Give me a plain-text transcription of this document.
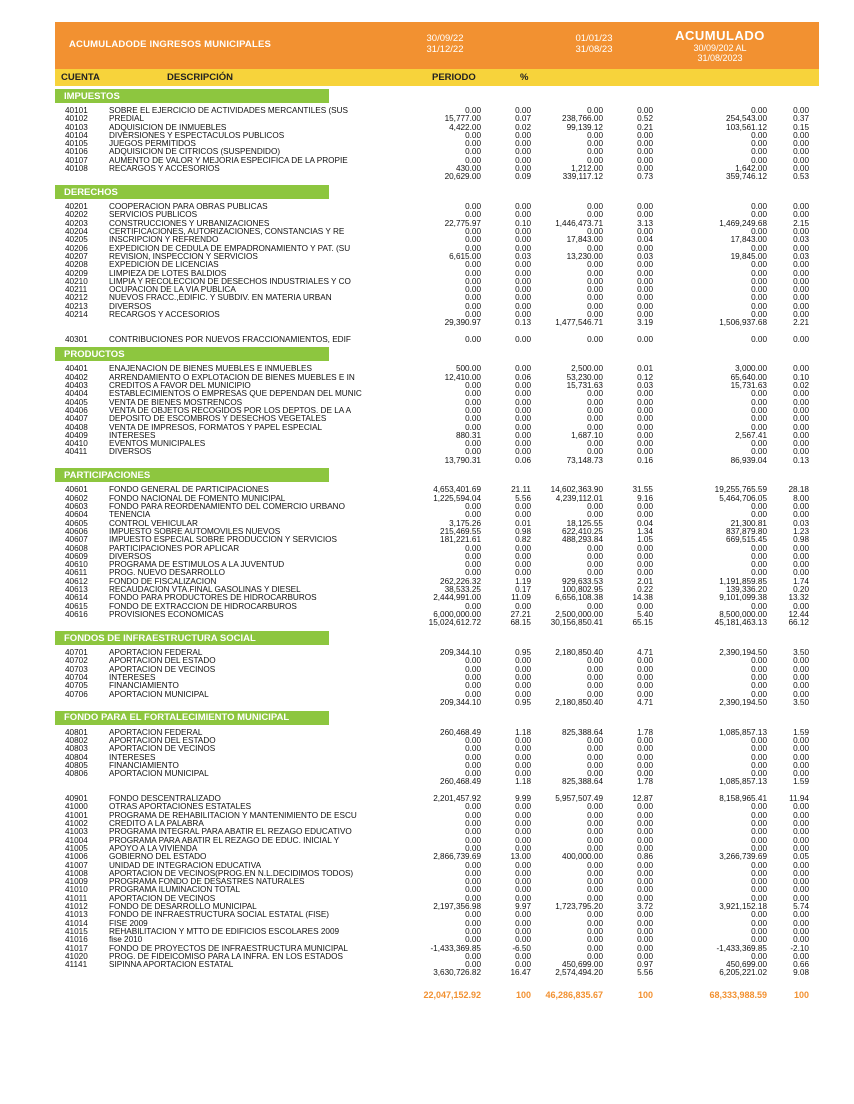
ACUMULADODE INGRESOS MUNICIPALES
30/09/22
31/12/22
01/01/23
31/08/23
ACUMULADO
30/09/202 AL
31/08/2023
CUENTA	DESCRIPCIÓN	PERIODO	%
IMPUESTOS
40101	SOBRE EL EJERCICIO DE ACTIVIDADES MERCANTILES (SUS	0.00	0.00	0.00	0.00	0.00	0.00
40102	PREDIAL	15,777.00	0.07	238,766.00	0.52	254,543.00	0.37
40103	ADQUISICION DE INMUEBLES	4,422.00	0.02	99,139.12	0.21	103,561.12	0.15
40104	DIVERSIONES Y ESPECTACULOS PUBLICOS	0.00	0.00	0.00	0.00	0.00	0.00
40105	JUEGOS PERMITIDOS	0.00	0.00	0.00	0.00	0.00	0.00
40106	ADQUISICION DE CITRICOS (SUSPENDIDO)	0.00	0.00	0.00	0.00	0.00	0.00
40107	AUMENTO DE VALOR Y MEJORIA ESPECIFICA DE LA PROPIE	0.00	0.00	0.00	0.00	0.00	0.00
40108	RECARGOS Y ACCESORIOS	430.00	0.00	1,212.00	0.00	1,642.00	0.00
20,629.00	0.09	339,117.12	0.73	359,746.12	0.53
DERECHOS
40201	COOPERACION PARA OBRAS PUBLICAS	0.00	0.00	0.00	0.00	0.00	0.00
40202	SERVICIOS PUBLICOS	0.00	0.00	0.00	0.00	0.00	0.00
40203	CONSTRUCCIONES Y URBANIZACIONES	22,775.97	0.10	1,446,473.71	3.13	1,469,249.68	2.15
40204	CERTIFICACIONES, AUTORIZACIONES, CONSTANCIAS Y RE	0.00	0.00	0.00	0.00	0.00	0.00
40205	INSCRIPCION Y REFRENDO	0.00	0.00	17,843.00	0.04	17,843.00	0.03
40206	EXPEDICION DE CEDULA DE EMPADRONAMIENTO Y PAT. (SU	0.00	0.00	0.00	0.00	0.00	0.00
40207	REVISION, INSPECCION Y SERVICIOS	6,615.00	0.03	13,230.00	0.03	19,845.00	0.03
40208	EXPEDICION DE LICENCIAS	0.00	0.00	0.00	0.00	0.00	0.00
40209	LIMPIEZA DE LOTES BALDIOS	0.00	0.00	0.00	0.00	0.00	0.00
40210	LIMPIA Y RECOLECCION DE DESECHOS INDUSTRIALES Y CO	0.00	0.00	0.00	0.00	0.00	0.00
40211	OCUPACION DE LA VIA PUBLICA	0.00	0.00	0.00	0.00	0.00	0.00
40212	NUEVOS FRACC.,EDIFIC. Y SUBDIV. EN MATERIA URBAN	0.00	0.00	0.00	0.00	0.00	0.00
40213	DIVERSOS	0.00	0.00	0.00	0.00	0.00	0.00
40214	RECARGOS Y ACCESORIOS	0.00	0.00	0.00	0.00	0.00	0.00
29,390.97	0.13	1,477,546.71	3.19	1,506,937.68	2.21
40301	CONTRIBUCIONES POR NUEVOS FRACCIONAMIENTOS, EDIF	0.00	0.00	0.00	0.00	0.00	0.00
PRODUCTOS
40401	ENAJENACION DE BIENES MUEBLES E INMUEBLES	500.00	0.00	2,500.00	0.01	3,000.00	0.00
40402	ARRENDAMIENTO O EXPLOTACION DE BIENES MUEBLES E IN	12,410.00	0.06	53,230.00	0.12	65,640.00	0.10
40403	CREDITOS A FAVOR DEL MUNICIPIO	0.00	0.00	15,731.63	0.03	15,731.63	0.02
40404	ESTABLECIMIENTOS O EMPRESAS QUE DEPENDAN DEL MUNIC	0.00	0.00	0.00	0.00	0.00	0.00
40405	VENTA DE BIENES MOSTRENCOS	0.00	0.00	0.00	0.00	0.00	0.00
40406	VENTA DE OBJETOS RECOGIDOS POR LOS DEPTOS. DE LA A	0.00	0.00	0.00	0.00	0.00	0.00
40407	DEPOSITO DE ESCOMBROS Y DESECHOS VEGETALES	0.00	0.00	0.00	0.00	0.00	0.00
40408	VENTA DE IMPRESOS, FORMATOS Y PAPEL ESPECIAL	0.00	0.00	0.00	0.00	0.00	0.00
40409	INTERESES	880.31	0.00	1,687.10	0.00	2,567.41	0.00
40410	EVENTOS MUNICIPALES	0.00	0.00	0.00	0.00	0.00	0.00
40411	DIVERSOS	0.00	0.00	0.00	0.00	0.00	0.00
13,790.31	0.06	73,148.73	0.16	86,939.04	0.13
PARTICIPACIONES
40601	FONDO GENERAL DE PARTICIPACIONES	4,653,401.69	21.11	14,602,363.90	31.55	19,255,765.59	28.18
40602	FONDO NACIONAL DE FOMENTO MUNICIPAL	1,225,594.04	5.56	4,239,112.01	9.16	5,464,706.05	8.00
40603	FONDO PARA REORDENAMIENTO DEL COMERCIO URBANO	0.00	0.00	0.00	0.00	0.00	0.00
40604	TENENCIA	0.00	0.00	0.00	0.00	0.00	0.00
40605	CONTROL VEHICULAR	3,175.26	0.01	18,125.55	0.04	21,300.81	0.03
40606	IMPUESTO SOBRE AUTOMOVILES NUEVOS	215,469.55	0.98	622,410.25	1.34	837,879.80	1.23
40607	IMPUESTO ESPECIAL SOBRE PRODUCCION Y SERVICIOS	181,221.61	0.82	488,293.84	1.05	669,515.45	0.98
40608	PARTICIPACIONES POR APLICAR	0.00	0.00	0.00	0.00	0.00	0.00
40609	DIVERSOS	0.00	0.00	0.00	0.00	0.00	0.00
40610	PROGRAMA DE ESTIMULOS A LA JUVENTUD	0.00	0.00	0.00	0.00	0.00	0.00
40611	PROG. NUEVO DESARROLLO	0.00	0.00	0.00	0.00	0.00	0.00
40612	FONDO DE FISCALIZACION	262,226.32	1.19	929,633.53	2.01	1,191,859.85	1.74
40613	RECAUDACION VTA.FINAL GASOLINAS Y DIESEL	38,533.25	0.17	100,802.95	0.22	139,336.20	0.20
40614	FONDO PARA PRODUCTORES DE HIDROCARBUROS	2,444,991.00	11.09	6,656,108.38	14.38	9,101,099.38	13.32
40615	FONDO DE EXTRACCION DE HIDROCARBUROS	0.00	0.00	0.00	0.00	0.00	0.00
40616	PROVISIONES ECONOMICAS	6,000,000.00	27.21	2,500,000.00	5.40	8,500,000.00	12.44
15,024,612.72	68.15	30,156,850.41	65.15	45,181,463.13	66.12
FONDOS DE INFRAESTRUCTURA SOCIAL
40701	APORTACION FEDERAL	209,344.10	0.95	2,180,850.40	4.71	2,390,194.50	3.50
40702	APORTACION DEL ESTADO	0.00	0.00	0.00	0.00	0.00	0.00
40703	APORTACION DE VECINOS	0.00	0.00	0.00	0.00	0.00	0.00
40704	INTERESES	0.00	0.00	0.00	0.00	0.00	0.00
40705	FINANCIAMIENTO	0.00	0.00	0.00	0.00	0.00	0.00
40706	APORTACION MUNICIPAL	0.00	0.00	0.00	0.00	0.00	0.00
209,344.10	0.95	2,180,850.40	4.71	2,390,194.50	3.50
FONDO PARA EL FORTALECIMIENTO MUNICIPAL
40801	APORTACION FEDERAL	260,468.49	1.18	825,388.64	1.78	1,085,857.13	1.59
40802	APORTACION DEL ESTADO	0.00	0.00	0.00	0.00	0.00	0.00
40803	APORTACION DE VECINOS	0.00	0.00	0.00	0.00	0.00	0.00
40804	INTERESES	0.00	0.00	0.00	0.00	0.00	0.00
40805	FINANCIAMIENTO	0.00	0.00	0.00	0.00	0.00	0.00
40806	APORTACION MUNICIPAL	0.00	0.00	0.00	0.00	0.00	0.00
260,468.49	1.18	825,388.64	1.78	1,085,857.13	1.59
40901	FONDO DESCENTRALIZADO	2,201,457.92	9.99	5,957,507.49	12.87	8,158,965.41	11.94
41000	OTRAS APORTACIONES ESTATALES	0.00	0.00	0.00	0.00	0.00	0.00
41001	PROGRAMA DE REHABILITACION Y MANTENIMIENTO DE ESCU	0.00	0.00	0.00	0.00	0.00	0.00
41002	CREDITO A LA PALABRA	0.00	0.00	0.00	0.00	0.00	0.00
41003	PROGRAMA INTEGRAL PARA ABATIR EL REZAGO EDUCATIVO	0.00	0.00	0.00	0.00	0.00	0.00
41004	PROGRAMA PARA ABATIR EL REZAGO DE EDUC. INICIAL Y	0.00	0.00	0.00	0.00	0.00	0.00
41005	APOYO A LA VIVIENDA	0.00	0.00	0.00	0.00	0.00	0.00
41006	GOBIERNO DEL ESTADO	2,866,739.69	13.00	400,000.00	0.86	3,266,739.69	0.05
41007	UNIDAD DE INTEGRACION EDUCATIVA	0.00	0.00	0.00	0.00	0.00	0.00
41008	APORTACION DE VECINOS(PROG.EN N.L.DECIDIMOS TODOS)	0.00	0.00	0.00	0.00	0.00	0.00
41009	PROGRAMA FONDO DE DESASTRES NATURALES	0.00	0.00	0.00	0.00	0.00	0.00
41010	PROGRAMA ILUMINACION TOTAL	0.00	0.00	0.00	0.00	0.00	0.00
41011	APORTACION DE VECINOS	0.00	0.00	0.00	0.00	0.00	0.00
41012	FONDO DE DESARROLLO MUNICIPAL	2,197,356.98	9.97	1,723,795.20	3.72	3,921,152.18	5.74
41013	FONDO DE INFRAESTRUCTURA SOCIAL ESTATAL (FISE)	0.00	0.00	0.00	0.00	0.00	0.00
41014	FISE 2009	0.00	0.00	0.00	0.00	0.00	0.00
41015	REHABILITACION Y MTTO DE EDIFICIOS ESCOLARES 2009	0.00	0.00	0.00	0.00	0.00	0.00
41016	fise 2010	0.00	0.00	0.00	0.00	0.00	0.00
41017	FONDO DE PROYECTOS DE INFRAESTRUCTURA MUNICIPAL	-1,433,369.85	-6.50	0.00	0.00	-1,433,369.85	-2.10
41020	PROG. DE FIDEICOMISO PARA LA INFRA. EN LOS ESTADOS	0.00	0.00	0.00	0.00	0.00	0.00
41141	SIPINNA APORTACION ESTATAL	0.00	0.00	450,699.00	0.97	450,699.00	0.66
3,630,726.82	16.47	2,574,494.20	5.56	6,205,221.02	9.08
22,047,152.92	100	46,286,835.67	100	68,333,988.59	100
